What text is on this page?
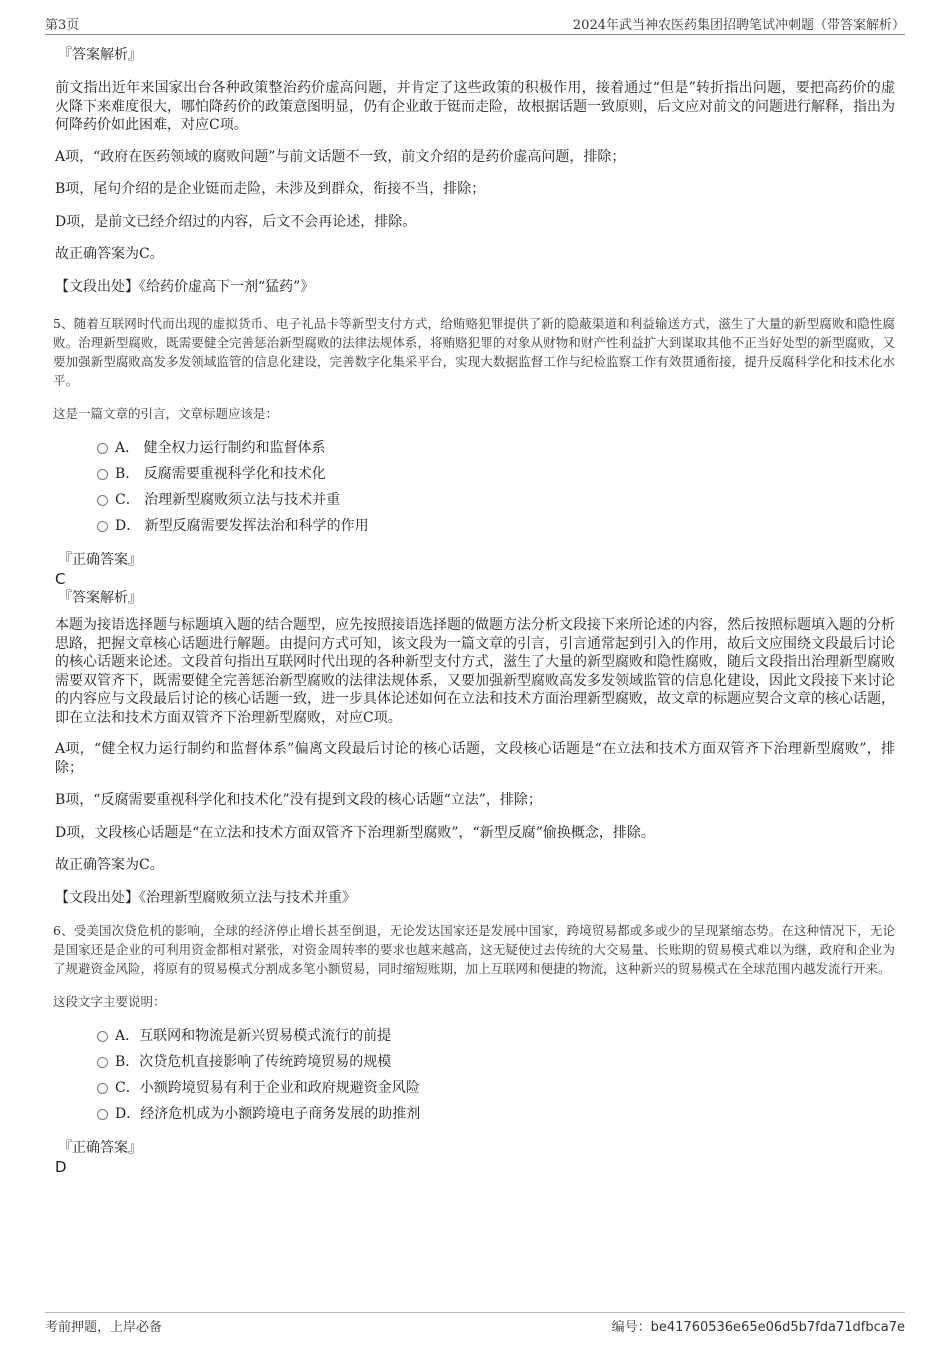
第3页	2024年武当神农医药集团招聘笔试冲刺题（带答案解析）

『答案解析』

前文指出近年来国家出台各种政策整治药价虚高问题，并肯定了这些政策的积极作用，接着通过“但是”转折指出问题，要把高药价的虚火降下来难度很大，哪怕降药价的政策意图明显，仍有企业敢于铤而走险，故根据话题一致原则，后文应对前文的问题进行解释，指出为何降药价如此困难，对应C项。

A项，“政府在医药领域的腐败问题”与前文话题不一致，前文介绍的是药价虚高问题，排除；

B项，尾句介绍的是企业铤而走险，未涉及到群众，衔接不当，排除；

D项，是前文已经介绍过的内容，后文不会再论述，排除。

故正确答案为C。

【文段出处】《给药价虚高下一剂“猛药”》

5、随着互联网时代而出现的虚拟货币、电子礼品卡等新型支付方式，给贿赂犯罪提供了新的隐蔽渠道和利益输送方式，滋生了大量的新型腐败和隐性腐败。治理新型腐败，既需要健全完善惩治新型腐败的法律法规体系，将贿赂犯罪的对象从财物和财产性利益扩大到谋取其他不正当好处型的新型腐败，又要加强新型腐败高发多发领域监管的信息化建设，完善数字化集采平台，实现大数据监督工作与纪检监察工作有效贯通衔接，提升反腐科学化和技术化水平。

这是一篇文章的引言，文章标题应该是：

A． 健全权力运行制约和监督体系
B． 反腐需要重视科学化和技术化
C． 治理新型腐败须立法与技术并重
D． 新型反腐需要发挥法治和科学的作用

『正确答案』

C

『答案解析』

本题为接语选择题与标题填入题的结合题型，应先按照接语选择题的做题方法分析文段接下来所论述的内容，然后按照标题填入题的分析思路，把握文章核心话题进行解题。由提问方式可知，该文段为一篇文章的引言，引言通常起到引入的作用，故后文应围绕文段最后讨论的核心话题来论述。文段首句指出互联网时代出现的各种新型支付方式，滋生了大量的新型腐败和隐性腐败，随后文段指出治理新型腐败需要双管齐下，既需要健全完善惩治新型腐败的法律法规体系，又要加强新型腐败高发多发领域监管的信息化建设，因此文段接下来讨论的内容应与文段最后讨论的核心话题一致，进一步具体论述如何在立法和技术方面治理新型腐败，故文章的标题应契合文章的核心话题，即在立法和技术方面双管齐下治理新型腐败，对应C项。

A项，“健全权力运行制约和监督体系”偏离文段最后讨论的核心话题，文段核心话题是“在立法和技术方面双管齐下治理新型腐败”，排除；

B项，“反腐需要重视科学化和技术化”没有提到文段的核心话题“立法”，排除；

D项，文段核心话题是“在立法和技术方面双管齐下治理新型腐败”，“新型反腐”偷换概念，排除。

故正确答案为C。

【文段出处】《治理新型腐败须立法与技术并重》

6、受美国次贷危机的影响，全球的经济停止增长甚至倒退，无论发达国家还是发展中国家，跨境贸易都或多或少的呈现紧缩态势。在这种情况下，无论是国家还是企业的可利用资金都相对紧张，对资金周转率的要求也越来越高，这无疑使过去传统的大交易量、长账期的贸易模式难以为继，政府和企业为了规避资金风险，将原有的贸易模式分割成多笔小额贸易，同时缩短账期，加上互联网和便捷的物流，这种新兴的贸易模式在全球范围内越发流行开来。

这段文字主要说明：

A．互联网和物流是新兴贸易模式流行的前提
B．次贷危机直接影响了传统跨境贸易的规模
C．小额跨境贸易有利于企业和政府规避资金风险
D．经济危机成为小额跨境电子商务发展的助推剂

『正确答案』

D

考前押题，上岸必备	编号：be41760536e65e06d5b7fda71dfbca7e
